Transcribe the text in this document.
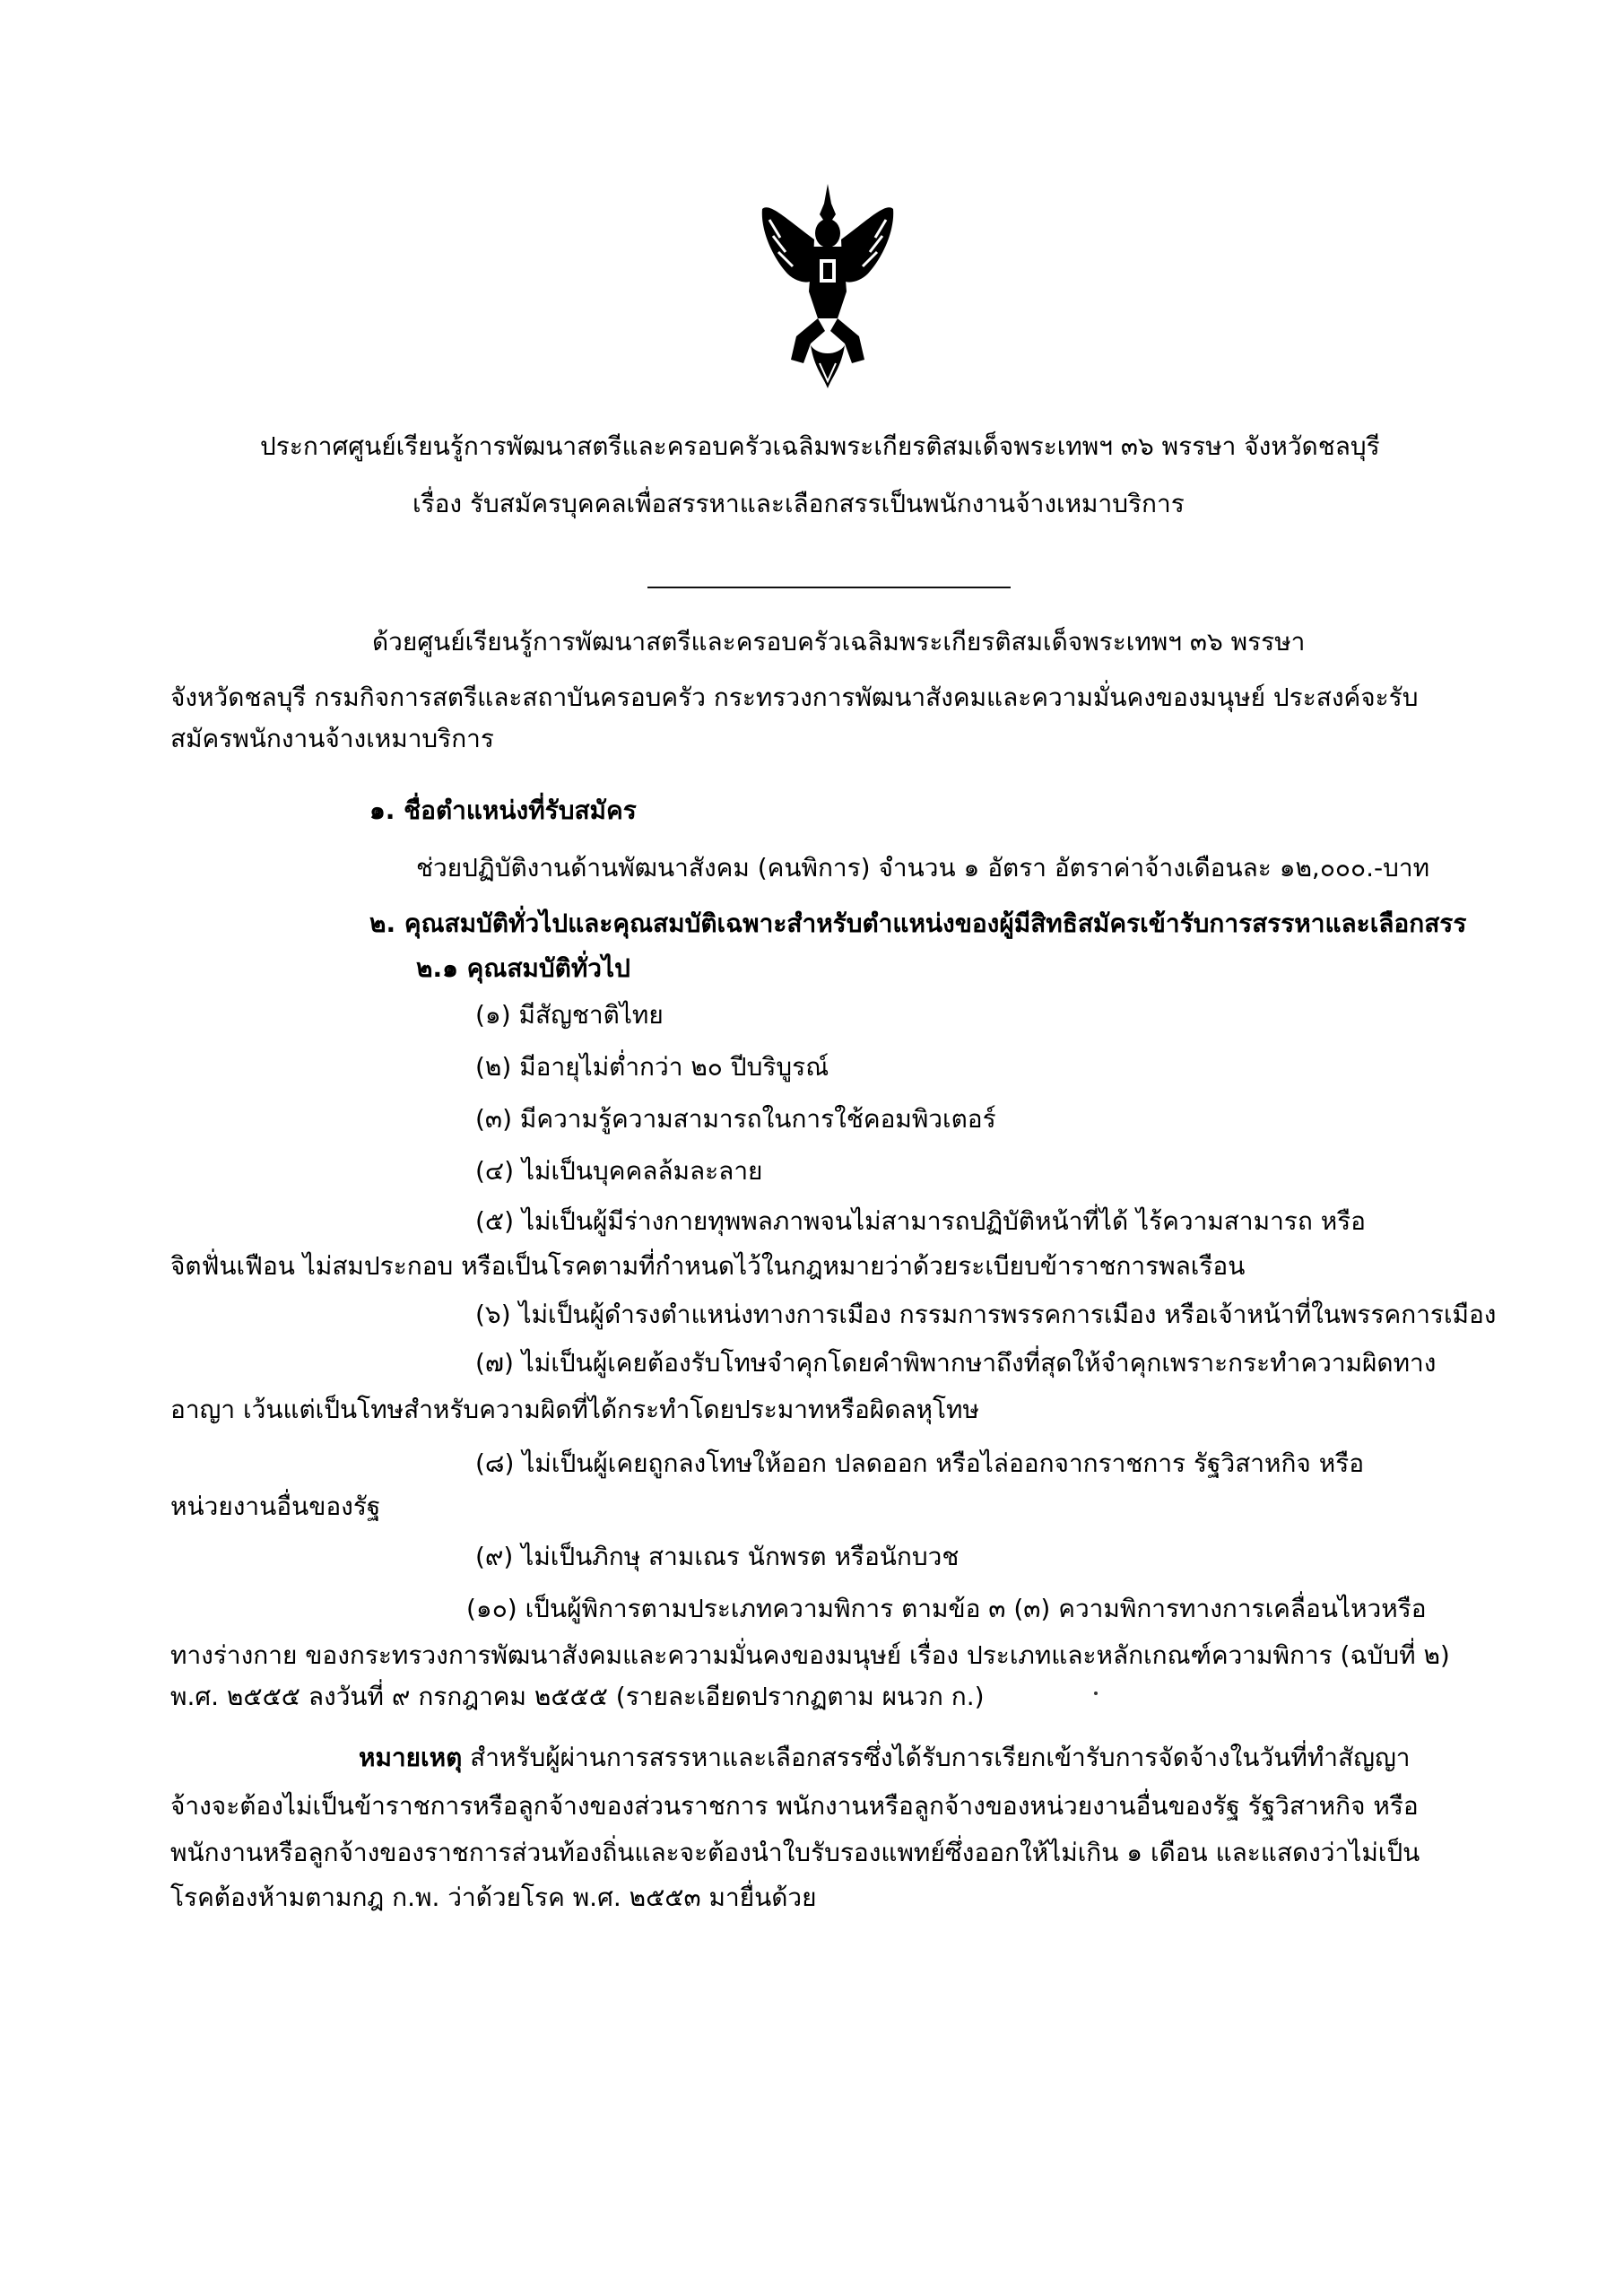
ประกาศศูนย์เรียนรู้การพัฒนาสตรีและครอบครัวเฉลิมพระเกียรติสมเด็จพระเทพฯ ๓๖ พรรษา จังหวัดชลบุรี
เรื่อง รับสมัครบุคคลเพื่อสรรหาและเลือกสรรเป็นพนักงานจ้างเหมาบริการ
ด้วยศูนย์เรียนรู้การพัฒนาสตรีและครอบครัวเฉลิมพระเกียรติสมเด็จพระเทพฯ ๓๖ พรรษา
จังหวัดชลบุรี กรมกิจการสตรีและสถาบันครอบครัว กระทรวงการพัฒนาสังคมและความมั่นคงของมนุษย์ ประสงค์จะรับ
สมัครพนักงานจ้างเหมาบริการ
๑. ชื่อตำแหน่งที่รับสมัคร
ช่วยปฏิบัติงานด้านพัฒนาสังคม (คนพิการ) จำนวน ๑ อัตรา อัตราค่าจ้างเดือนละ ๑๒,๐๐๐.-บาท
๒. คุณสมบัติทั่วไปและคุณสมบัติเฉพาะสำหรับตำแหน่งของผู้มีสิทธิสมัครเข้ารับการสรรหาและเลือกสรร
๒.๑ คุณสมบัติทั่วไป
(๑) มีสัญชาติไทย
(๒) มีอายุไม่ต่ำกว่า ๒๐ ปีบริบูรณ์
(๓) มีความรู้ความสามารถในการใช้คอมพิวเตอร์
(๔) ไม่เป็นบุคคลล้มละลาย
(๕) ไม่เป็นผู้มีร่างกายทุพพลภาพจนไม่สามารถปฏิบัติหน้าที่ได้ ไร้ความสามารถ หรือ
จิตฟั่นเฟือน ไม่สมประกอบ หรือเป็นโรคตามที่กำหนดไว้ในกฎหมายว่าด้วยระเบียบข้าราชการพลเรือน
(๖) ไม่เป็นผู้ดำรงตำแหน่งทางการเมือง กรรมการพรรคการเมือง หรือเจ้าหน้าที่ในพรรคการเมือง
(๗) ไม่เป็นผู้เคยต้องรับโทษจำคุกโดยคำพิพากษาถึงที่สุดให้จำคุกเพราะกระทำความผิดทาง
อาญา เว้นแต่เป็นโทษสำหรับความผิดที่ได้กระทำโดยประมาทหรือผิดลหุโทษ
(๘) ไม่เป็นผู้เคยถูกลงโทษให้ออก ปลดออก หรือไล่ออกจากราชการ รัฐวิสาหกิจ หรือ
หน่วยงานอื่นของรัฐ
(๙) ไม่เป็นภิกษุ สามเณร นักพรต หรือนักบวช
(๑๐) เป็นผู้พิการตามประเภทความพิการ ตามข้อ ๓ (๓) ความพิการทางการเคลื่อนไหวหรือ
ทางร่างกาย ของกระทรวงการพัฒนาสังคมและความมั่นคงของมนุษย์ เรื่อง ประเภทและหลักเกณฑ์ความพิการ (ฉบับที่ ๒)
พ.ศ. ๒๕๕๕ ลงวันที่ ๙ กรกฎาคม ๒๕๕๕ (รายละเอียดปรากฏตาม ผนวก ก.)
หมายเหตุ สำหรับผู้ผ่านการสรรหาและเลือกสรรซึ่งได้รับการเรียกเข้ารับการจัดจ้างในวันที่ทำสัญญา
จ้างจะต้องไม่เป็นข้าราชการหรือลูกจ้างของส่วนราชการ พนักงานหรือลูกจ้างของหน่วยงานอื่นของรัฐ รัฐวิสาหกิจ หรือ
พนักงานหรือลูกจ้างของราชการส่วนท้องถิ่นและจะต้องนำใบรับรองแพทย์ซึ่งออกให้ไม่เกิน ๑ เดือน และแสดงว่าไม่เป็น
โรคต้องห้ามตามกฎ ก.พ. ว่าด้วยโรค พ.ศ. ๒๕๕๓ มายื่นด้วย
